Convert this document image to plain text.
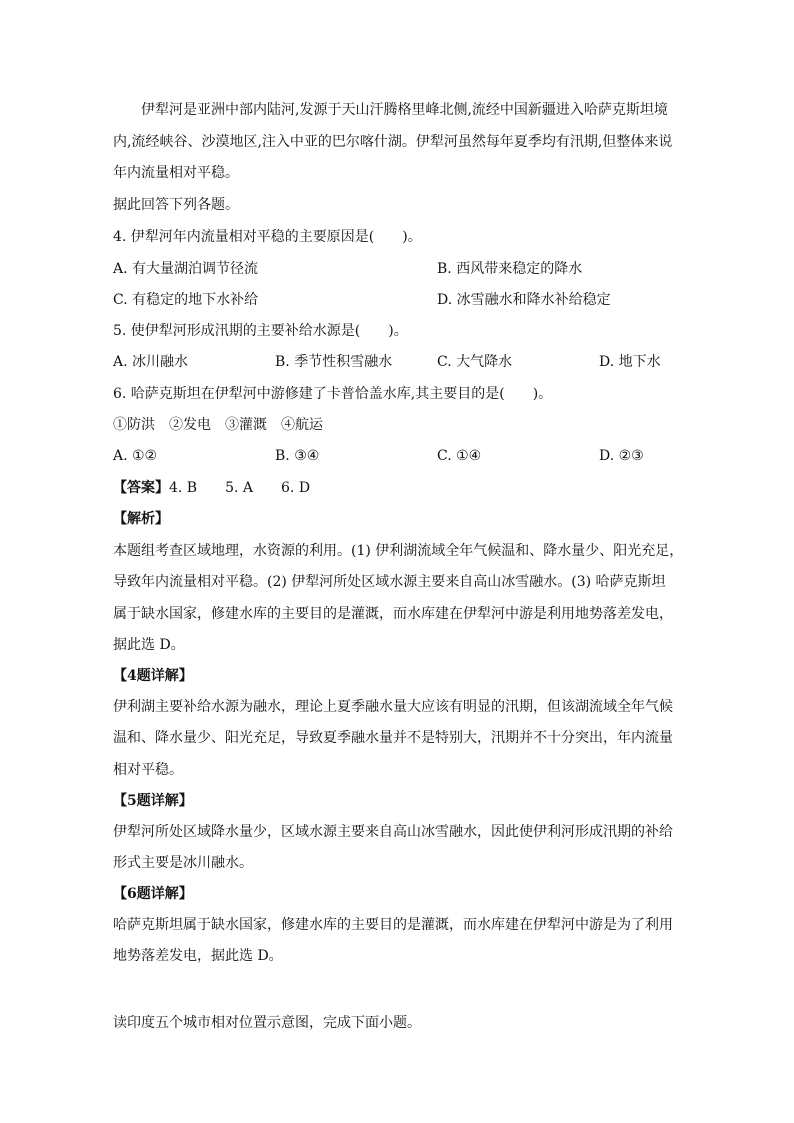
伊犁河是亚洲中部内陆河,发源于天山汗腾格里峰北侧,流经中国新疆进入哈萨克斯坦境
内,流经峡谷、沙漠地区,注入中亚的巴尔喀什湖。伊犁河虽然每年夏季均有汛期,但整体来说
年内流量相对平稳。
据此回答下列各题。
4. 伊犁河年内流量相对平稳的主要原因是(　　)。
A. 有大量湖泊调节径流	B. 西风带来稳定的降水
C. 有稳定的地下水补给	D. 冰雪融水和降水补给稳定
5. 使伊犁河形成汛期的主要补给水源是(　　)。
A. 冰川融水	B. 季节性积雪融水	C. 大气降水	D. 地下水
6. 哈萨克斯坦在伊犁河中游修建了卡普恰盖水库,其主要目的是(　　)。
①防洪　②发电　③灌溉　④航运
A. ①②	B. ③④	C. ①④	D. ②③
【答案】4. B　　5. A　　6. D
【解析】
本题组考查区域地理，水资源的利用。(1) 伊利湖流域全年气候温和、降水量少、阳光充足，
导致年内流量相对平稳。(2) 伊犁河所处区域水源主要来自高山冰雪融水。(3) 哈萨克斯坦
属于缺水国家，修建水库的主要目的是灌溉，而水库建在伊犁河中游是利用地势落差发电，
据此选 D。
【4题详解】
伊利湖主要补给水源为融水，理论上夏季融水量大应该有明显的汛期，但该湖流域全年气候
温和、降水量少、阳光充足，导致夏季融水量并不是特别大，汛期并不十分突出，年内流量
相对平稳。
【5题详解】
伊犁河所处区域降水量少，区域水源主要来自高山冰雪融水，因此使伊利河形成汛期的补给
形式主要是冰川融水。
【6题详解】
哈萨克斯坦属于缺水国家，修建水库的主要目的是灌溉，而水库建在伊犁河中游是为了利用
地势落差发电，据此选 D。
读印度五个城市相对位置示意图，完成下面小题。
